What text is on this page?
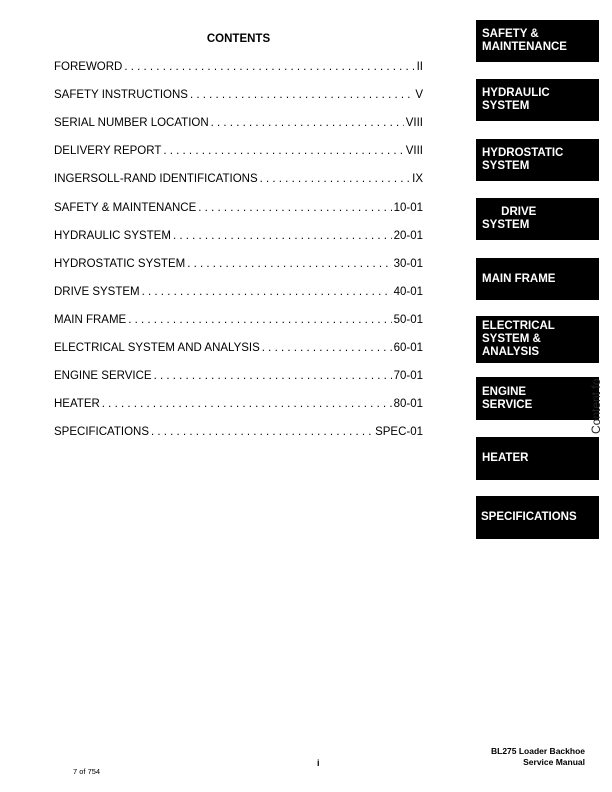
CONTENTS
FOREWORD . . .	II
SAFETY INSTRUCTIONS . . .	V
SERIAL NUMBER LOCATION . . .	VIII
DELIVERY REPORT . . .	VIII
INGERSOLL-RAND IDENTIFICATIONS . . .	IX
SAFETY & MAINTENANCE . . .	10-01
HYDRAULIC SYSTEM . . .	20-01
HYDROSTATIC SYSTEM . . .	30-01
DRIVE SYSTEM . . .	40-01
MAIN FRAME . . .	50-01
ELECTRICAL SYSTEM AND ANALYSIS . . .	60-01
ENGINE SERVICE . . .	70-01
HEATER . . .	80-01
SPECIFICATIONS . . .	SPEC-01
SAFETY &
MAINTENANCE
HYDRAULIC
SYSTEM
HYDROSTATIC
SYSTEM
DRIVE
SYSTEM
MAIN FRAME
ELECTRICAL
SYSTEM &
ANALYSIS
ENGINE
SERVICE
HEATER
SPECIFICATIONS
Content fo
BL275 Loader Backhoe
Service Manual
i
7 of 754
